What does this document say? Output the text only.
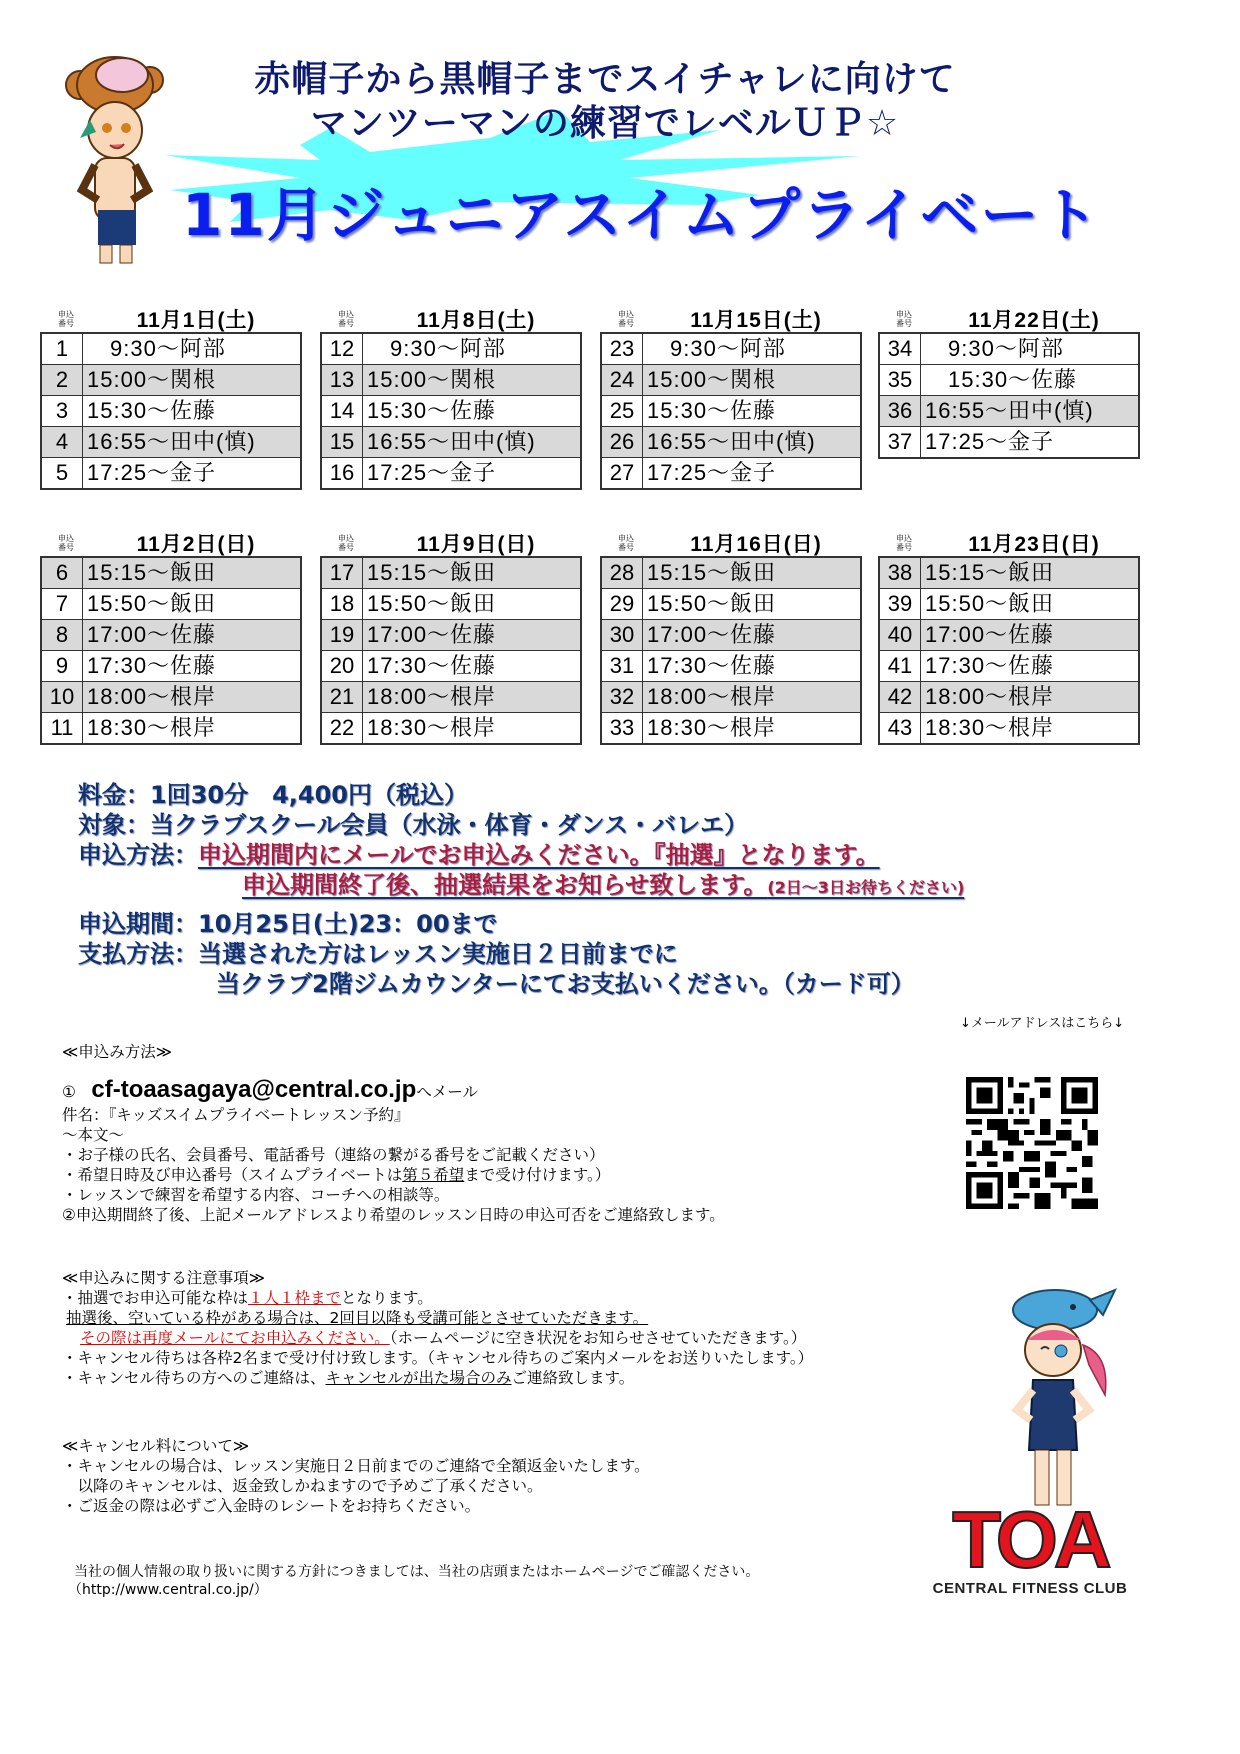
赤帽子から黒帽子までスイチャレに向けて
マンツーマンの練習でレベルＵＰ☆
11月ジュニアスイムプライベート
申込番号	11月1日(土)
1	　9:30～阿部
2	15:00～関根
3	15:30～佐藤
4	16:55～田中(慎)
5	17:25～金子
申込番号	11月8日(土)
12	　9:30～阿部
13	15:00～関根
14	15:30～佐藤
15	16:55～田中(慎)
16	17:25～金子
申込番号	11月15日(土)
23	　9:30～阿部
24	15:00～関根
25	15:30～佐藤
26	16:55～田中(慎)
27	17:25～金子
申込番号	11月22日(土)
34	　9:30～阿部
35	　15:30～佐藤
36	16:55～田中(慎)
37	17:25～金子
申込番号	11月2日(日)
6	15:15～飯田
7	15:50～飯田
8	17:00～佐藤
9	17:30～佐藤
10	18:00～根岸
11	18:30～根岸
申込番号	11月9日(日)
17	15:15～飯田
18	15:50～飯田
19	17:00～佐藤
20	17:30～佐藤
21	18:00～根岸
22	18:30～根岸
申込番号	11月16日(日)
28	15:15～飯田
29	15:50～飯田
30	17:00～佐藤
31	17:30～佐藤
32	18:00～根岸
33	18:30～根岸
申込番号	11月23日(日)
38	15:15～飯田
39	15:50～飯田
40	17:00～佐藤
41	17:30～佐藤
42	18:00～根岸
43	18:30～根岸
料金： 1回30分　4,400円（税込）
対象： 当クラブスクール会員（水泳・体育・ダンス・バレエ）
申込方法： 申込期間内にメールでお申込みください。『抽選』となります。
申込期間終了後、抽選結果をお知らせ致します。(2日～3日お待ちください)
申込期間： 10月25日(土)23：00まで
支払方法： 当選された方はレッスン実施日２日前までに
当クラブ2階ジムカウンターにてお支払いください。（カード可）
↓メールアドレスはこちら↓
≪申込み方法≫
①　cf-toaasagaya@central.co.jpへメール
件名：『キッズスイムプライベートレッスン予約』
～本文～
・お子様の氏名、会員番号、電話番号（連絡の繋がる番号をご記載ください）
・希望日時及び申込番号（スイムプライベートは第５希望まで受け付けます。）
・レッスンで練習を希望する内容、コーチへの相談等。
②申込期間終了後、上記メールアドレスより希望のレッスン日時の申込可否をご連絡致します。
≪申込みに関する注意事項≫
・抽選でお申込可能な枠は１人１枠までとなります。
抽選後、空いている枠がある場合は、2回目以降も受講可能とさせていただきます。
その際は再度メールにてお申込みください。（ホームページに空き状況をお知らせさせていただきます。）
・キャンセル待ちは各枠2名まで受け付け致します。（キャンセル待ちのご案内メールをお送りいたします。）
・キャンセル待ちの方へのご連絡は、キャンセルが出た場合のみご連絡致します。
≪キャンセル料について≫
・キャンセルの場合は、レッスン実施日２日前までのご連絡で全額返金いたします。
　以降のキャンセルは、返金致しかねますので予めご了承ください。
・ご返金の際は必ずご入金時のレシートをお持ちください。
当社の個人情報の取り扱いに関する方針につきましては、当社の店頭またはホームページでご確認ください。
（http://www.central.co.jp/）
TOA
CENTRAL FITNESS CLUB
